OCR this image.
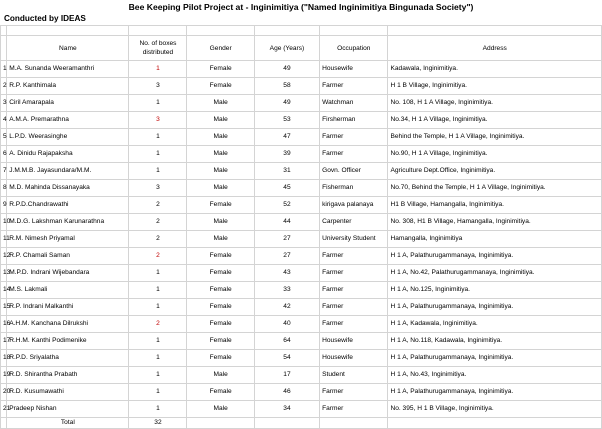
Bee Keeping Pilot Project at - Inginimitiya ("Named Inginimitiya Bingunada Society")
Conducted by IDEAS

	Name	No. of boxes distributed	Gender	Age (Years)	Occupation	Address
1	M.A. Sunanda Weeramanthri	1	Female	49	Housewife	Kadawala, Inginimitiya.
2	R.P. Kanthimala	3	Female	58	Farmer	H 1 B Village, Inginimitiya.
3	Ciril Amarapala	1	Male	49	Watchman	No. 108, H 1 A Village, Inginimitiya.
4	A.M.A. Premarathna	3	Male	53	Firsherman	No.34, H 1 A Village, Inginimitiya.
5	L.P.D. Weerasinghe	1	Male	47	Farmer	Behind the Temple, H 1 A Village, Inginimitiya.
6	A. Dinidu Rajapaksha	1	Male	39	Farmer	No.90, H 1 A Village, Inginimitiya.
7	J.M.M.B. Jayasundara/M.M.	1	Male	31	Govn. Officer	Agriculture Dept.Office, Inginimitiya.
8	M.D. Mahinda Dissanayaka	3	Male	45	Fisherman	No.70, Behind the Temple, H 1 A Village, Inginimitiya.
9	R.P.D.Chandrawathi	2	Female	52	kirigava palanaya	H1 B Village, Hamangalla, Inginimitiya.
10	M.D.G. Lakshman Karunarathna	2	Male	44	Carpenter	No. 308, H1 B Village, Hamangalla, Inginimitiya.
11	R.M. Nimesh Priyamal	2	Male	27	University Student	Hamangalla, Inginimitiya
12	R.P. Chamali Saman	2	Female	27	Farmer	H 1 A, Palathurugammanaya, Inginimitiya.
13	M.P.D. Indrani Wijebandara	1	Female	43	Farmer	H 1 A, No.42, Palathurugammanaya, Inginimitiya.
14	M.S. Lakmali	1	Female	33	Farmer	H 1 A, No.125, Inginimitiya.
15	R.P. Indrani Malkanthi	1	Female	42	Farmer	H 1 A, Palathurugammanaya, Inginimitiya.
16	A.H.M. Kanchana Dilrukshi	2	Female	40	Farmer	H 1 A, Kadawala, Inginimitiya.
17	R.H.M. Kanthi Podimenike	1	Female	64	Housewife	H 1 A, No.118, Kadawala, Inginimitiya.
18	R.P.D. Sriyalatha	1	Female	54	Housewife	H 1 A, Palathurugammanaya, Inginimitiya.
19	R.D. Shirantha Prabath	1	Male	17	Student	H 1 A, No.43, Inginimitiya.
20	R.D. Kusumawathi	1	Female	46	Farmer	H 1 A, Palathurugammanaya, Inginimitiya.
21	Pradeep Nishan	1	Male	34	Farmer	No. 395, H 1 B Village, Inginimitiya.
	Total	32				
